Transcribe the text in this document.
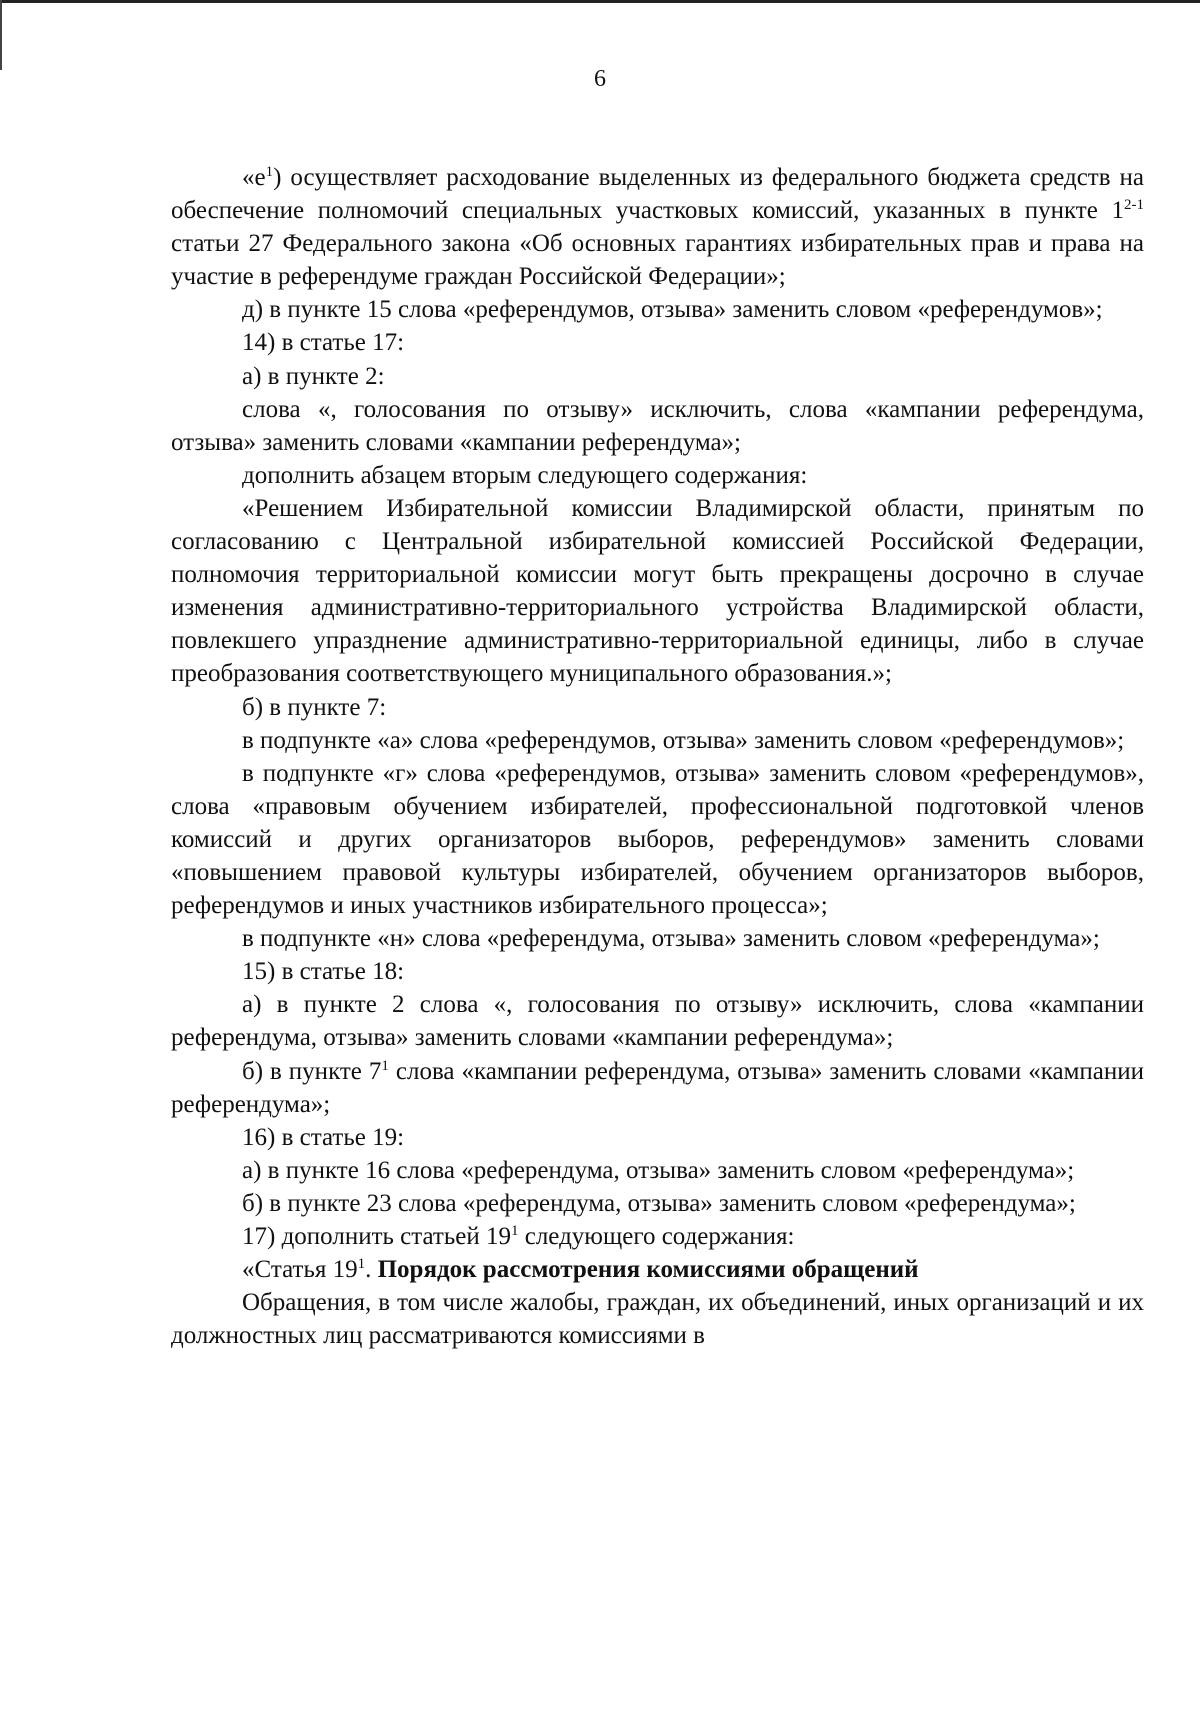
6

«$е^1$) осуществляет расходование выделенных из федерального бюджета средств на обеспечение полномочий специальных участковых комиссий, указанных в пункте 1$^{2-1}$ статьи 27 Федерального закона «Об основных гарантиях избирательных прав и права на участие в референдуме граждан Российской Федерации»;

д) в пункте 15 слова «референдумов, отзыва» заменить словом «референдумов»;

14) в статье 17:

а) в пункте 2:

слова «, голосования по отзыву» исключить, слова «кампании референдума, отзыва» заменить словами «кампании референдума»;

дополнить абзацем вторым следующего содержания:

«Решением Избирательной комиссии Владимирской области, принятым по согласованию с Центральной избирательной комиссией Российской Федерации, полномочия территориальной комиссии могут быть прекращены досрочно в случае изменения административно-территориального устройства Владимирской области, повлекшего упразднение административно-территориальной единицы, либо в случае преобразования соответствующего муниципального образования.»;

б) в пункте 7:

в подпункте «а» слова «референдумов, отзыва» заменить словом «референдумов»;

в подпункте «г» слова «референдумов, отзыва» заменить словом «референдумов», слова «правовым обучением избирателей, профессиональной подготовкой членов комиссий и других организаторов выборов, референдумов» заменить словами «повышением правовой культуры избирателей, обучением организаторов выборов, референдумов и иных участников избирательного процесса»;

в подпункте «н» слова «референдума, отзыва» заменить словом «референдума»;

15) в статье 18:

а) в пункте 2 слова «, голосования по отзыву» исключить, слова «кампании референдума, отзыва» заменить словами «кампании референдума»;

б) в пункте $7^1$ слова «кампании референдума, отзыва» заменить словами «кампании референдума»;

16) в статье 19:

а) в пункте 16 слова «референдума, отзыва» заменить словом «референдума»;

б) в пункте 23 слова «референдума, отзыва» заменить словом «референдума»;

17) дополнить статьей $19^1$ следующего содержания:

«Статья $19^1$. Порядок рассмотрения комиссиями обращений

Обращения, в том числе жалобы, граждан, их объединений, иных организаций и их должностных лиц рассматриваются комиссиями в
